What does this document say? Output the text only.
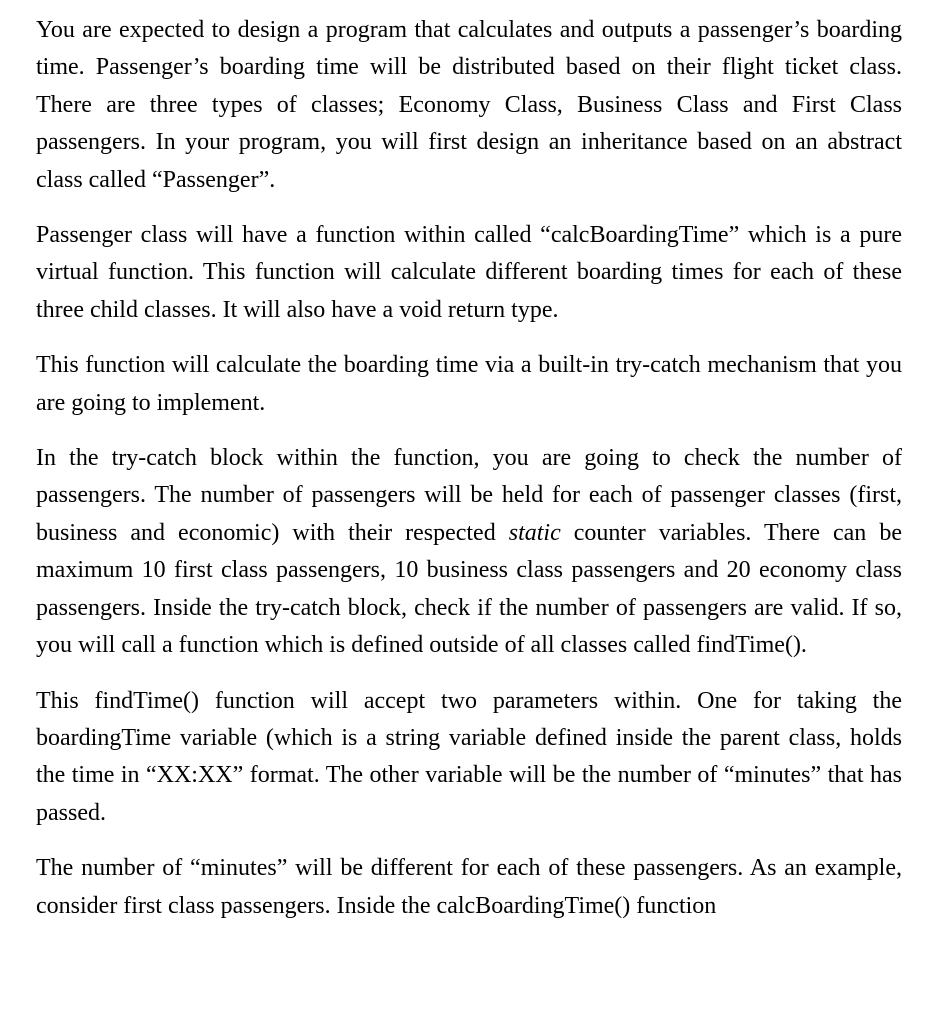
You are expected to design a program that calculates and outputs a passenger’s boarding time. Passenger’s boarding time will be distributed based on their flight ticket class. There are three types of classes; Economy Class, Business Class and First Class passengers. In your program, you will first design an inheritance based on an abstract class called “Passenger”.

Passenger class will have a function within called “calcBoardingTime” which is a pure virtual function. This function will calculate different boarding times for each of these three child classes. It will also have a void return type.

This function will calculate the boarding time via a built-in try-catch mechanism that you are going to implement.

In the try-catch block within the function, you are going to check the number of passengers. The number of passengers will be held for each of passenger classes (first, business and economic) with their respected static counter variables. There can be maximum 10 first class passengers, 10 business class passengers and 20 economy class passengers. Inside the try-catch block, check if the number of passengers are valid. If so, you will call a function which is defined outside of all classes called findTime().

This findTime() function will accept two parameters within. One for taking the boardingTime variable (which is a string variable defined inside the parent class, holds the time in “XX:XX” format. The other variable will be the number of “minutes” that has passed.

The number of “minutes” will be different for each of these passengers. As an example, consider first class passengers. Inside the calcBoardingTime() function
